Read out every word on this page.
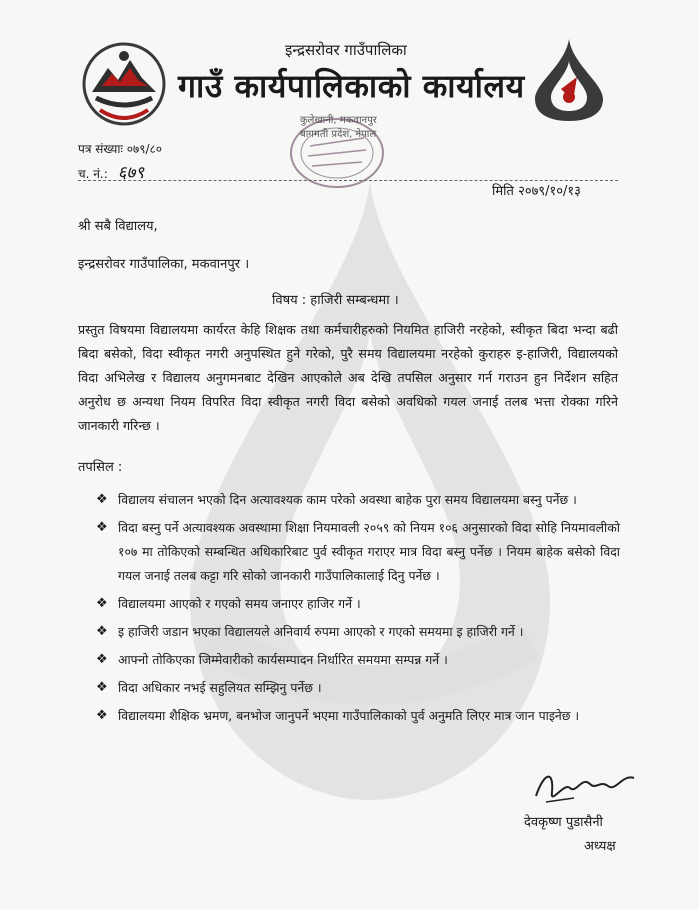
इन्द्रसरोवर गाउँपालिका
गाउँ कार्यपालिकाको कार्यालय
कुलेखानी, मकवानपुर
बागमती प्रदेश, नेपाल
पत्र संख्याः ०७९/८०
च. नं.: ६७९
मिति २०७९/१०/१३
श्री सबै विद्यालय,
इन्द्रसरोवर गाउँपालिका, मकवानपुर ।
विषय : हाजिरी सम्बन्धमा ।
प्रस्तुत विषयमा विद्यालयमा कार्यरत केहि शिक्षक तथा कर्मचारीहरुको नियमित हाजिरी नरहेको, स्वीकृत बिदा भन्दा बढी बिदा बसेको, विदा स्वीकृत नगरी अनुपस्थित हुने गरेको, पुरै समय विद्यालयमा नरहेको कुराहरु इ-हाजिरी, विद्यालयको विदा अभिलेख र विद्यालय अनुगमनबाट देखिन आएकोले अब देखि तपसिल अनुसार गर्न गराउन हुन निर्देशन सहित अनुरोध छ अन्यथा नियम विपरित विदा स्वीकृत नगरी विदा बसेको अवधिको गयल जनाई तलब भत्ता रोक्का गरिने जानकारी गरिन्छ ।
तपसिल :
❖ विद्यालय संचालन भएको दिन अत्यावश्यक काम परेको अवस्था बाहेक पुरा समय विद्यालयमा बस्नु पर्नेछ ।
❖ विदा बस्नु पर्ने अत्यावश्यक अवस्थामा शिक्षा नियमावली २०५९ को नियम १०६ अनुसारको विदा सोहि नियमावलीको १०७ मा तोकिएको सम्बन्धित अधिकारिबाट पुर्व स्वीकृत गराएर मात्र विदा बस्नु पर्नेछ । नियम बाहेक बसेको विदा गयल जनाई तलब कट्टा गरि सोको जानकारी गाउँपालिकालाई दिनु पर्नेछ ।
❖ विद्यालयमा आएको र गएको समय जनाएर हाजिर गर्ने ।
❖ इ हाजिरी जडान भएका विद्यालयले अनिवार्य रुपमा आएको र गएको समयमा इ हाजिरी गर्ने ।
❖ आफ्नो तोकिएका जिम्मेवारीको कार्यसम्पादन निर्धारित समयमा सम्पन्न गर्ने ।
❖ विदा अधिकार नभई सहुलियत सम्झिनु पर्नेछ ।
❖ विद्यालयमा शैक्षिक भ्रमण, बनभोज जानुपर्ने भएमा गाउँपालिकाको पुर्व अनुमति लिएर मात्र जान पाइनेछ ।
देवकृष्ण पुडासैनी
अध्यक्ष
